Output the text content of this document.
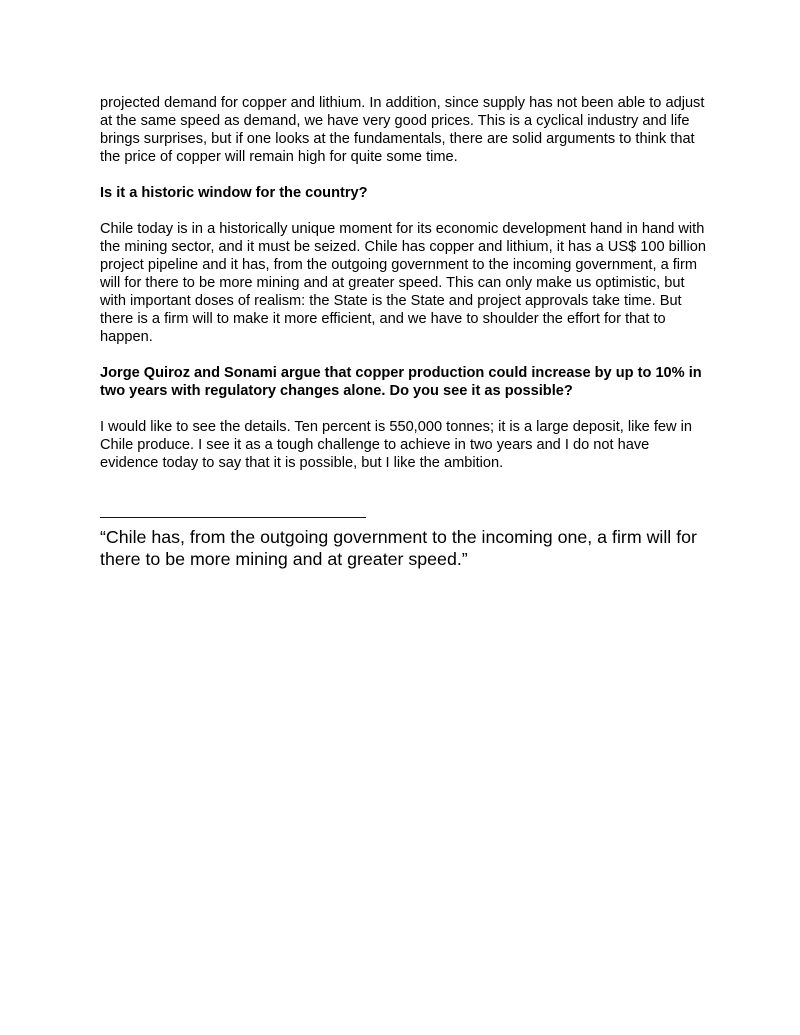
projected demand for copper and lithium. In addition, since supply has not been able to adjust at the same speed as demand, we have very good prices. This is a cyclical industry and life brings surprises, but if one looks at the fundamentals, there are solid arguments to think that the price of copper will remain high for quite some time.

Is it a historic window for the country?

Chile today is in a historically unique moment for its economic development hand in hand with the mining sector, and it must be seized. Chile has copper and lithium, it has a US$ 100 billion project pipeline and it has, from the outgoing government to the incoming government, a firm will for there to be more mining and at greater speed. This can only make us optimistic, but with important doses of realism: the State is the State and project approvals take time. But there is a firm will to make it more efficient, and we have to shoulder the effort for that to happen.

Jorge Quiroz and Sonami argue that copper production could increase by up to 10% in two years with regulatory changes alone. Do you see it as possible?

I would like to see the details. Ten percent is 550,000 tonnes; it is a large deposit, like few in Chile produce. I see it as a tough challenge to achieve in two years and I do not have evidence today to say that it is possible, but I like the ambition.

———————————————————

“Chile has, from the outgoing government to the incoming one, a firm will for there to be more mining and at greater speed.”
